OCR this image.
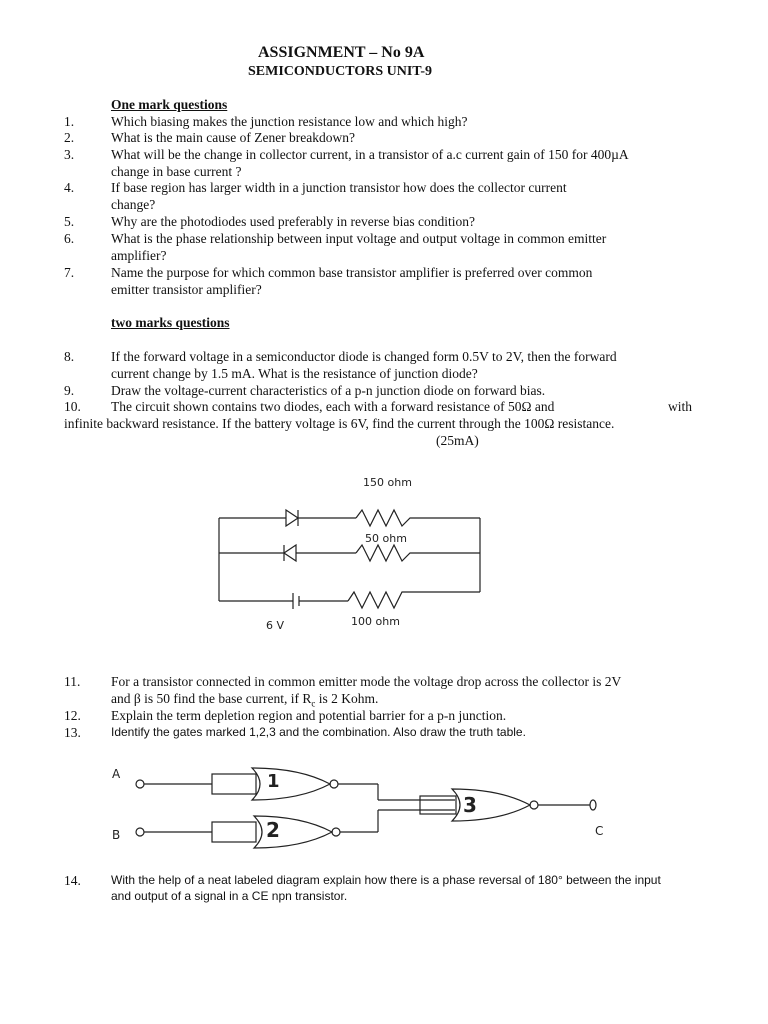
ASSIGNMENT – No 9A
SEMICONDUCTORS UNIT-9
One mark questions
1.	Which biasing makes the junction resistance low and which high?
2.	What is the main cause of Zener breakdown?
3.	What will be the change in collector current, in a transistor of a.c current gain of 150 for 400µA
change in base current ?
4.	If base region has larger width in a junction transistor how does the collector current
change?
5.	Why are the photodiodes used preferably in reverse bias condition?
6.	What is the phase relationship between input voltage and output voltage in common emitter
amplifier?
7.	Name the purpose for which common base transistor amplifier is preferred over common
emitter transistor amplifier?
two marks questions
8.	If the forward voltage in a semiconductor diode is changed form 0.5V to 2V, then the forward
current change by 1.5 mA. What is the resistance of junction diode?
9.	Draw the voltage-current characteristics of a p-n junction diode on forward bias.
10. The circuit shown contains two diodes, each with a forward resistance of 50Ω and	with
infinite backward resistance. If the battery voltage is 6V, find the current through the 100Ω resistance.
(25mA)
150 ohm
50 ohm
100 ohm
6 V
11. For a transistor connected in common emitter mode the voltage drop across the collector is 2V
and β is 50 find the base current, if $R_c$ is 2 Kohm.
12. Explain the term depletion region and potential barrier for a p-n junction.
13.	Identify the gates marked 1,2,3 and the combination. Also draw the truth table.
A
B	C
1
2
3
14.	With the help of a neat labeled diagram explain how there is a phase reversal of 180° between the input
and output of a signal in a CE npn transistor.
